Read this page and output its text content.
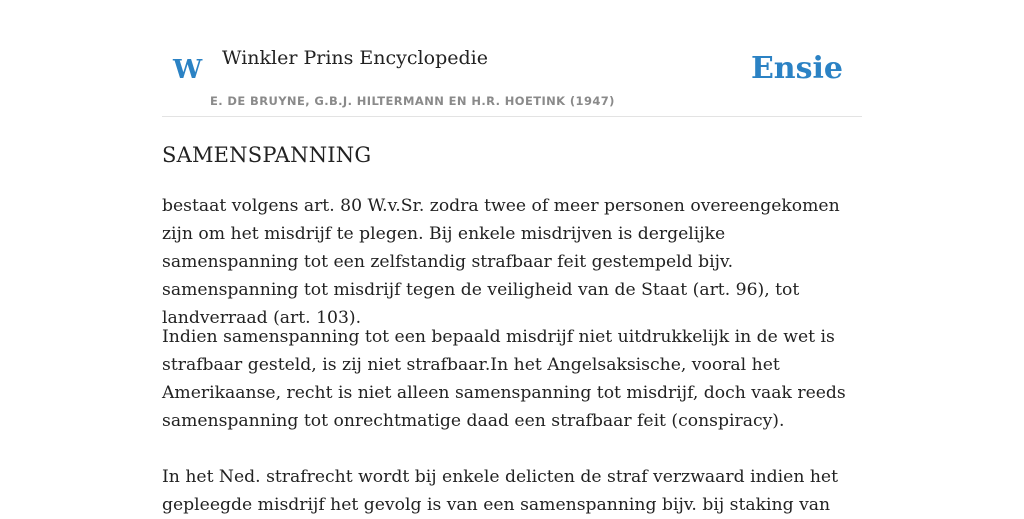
W Winkler Prins Encyclopedie
E. DE BRUYNE, G.B.J. HILTERMANN EN H.R. HOETINK (1947)
Ensie
SAMENSPANNING

bestaat volgens art. 80 W.v.Sr. zodra twee of meer personen overeengekomen zijn om het misdrijf te plegen. Bij enkele misdrijven is dergelijke samenspanning tot een zelfstandig strafbaar feit gestempeld bijv. samenspanning tot misdrijf tegen de veiligheid van de Staat (art. 96), tot landverraad (art. 103).

Indien samenspanning tot een bepaald misdrijf niet uitdrukkelijk in de wet is strafbaar gesteld, is zij niet strafbaar.In het Angelsaksische, vooral het Amerikaanse, recht is niet alleen samenspanning tot misdrijf, doch vaak reeds samenspanning tot onrechtmatige daad een strafbaar feit (conspiracy).

In het Ned. strafrecht wordt bij enkele delicten de straf verzwaard indien het gepleegde misdrijf het gevolg is van een samenspanning bijv. bij staking van
